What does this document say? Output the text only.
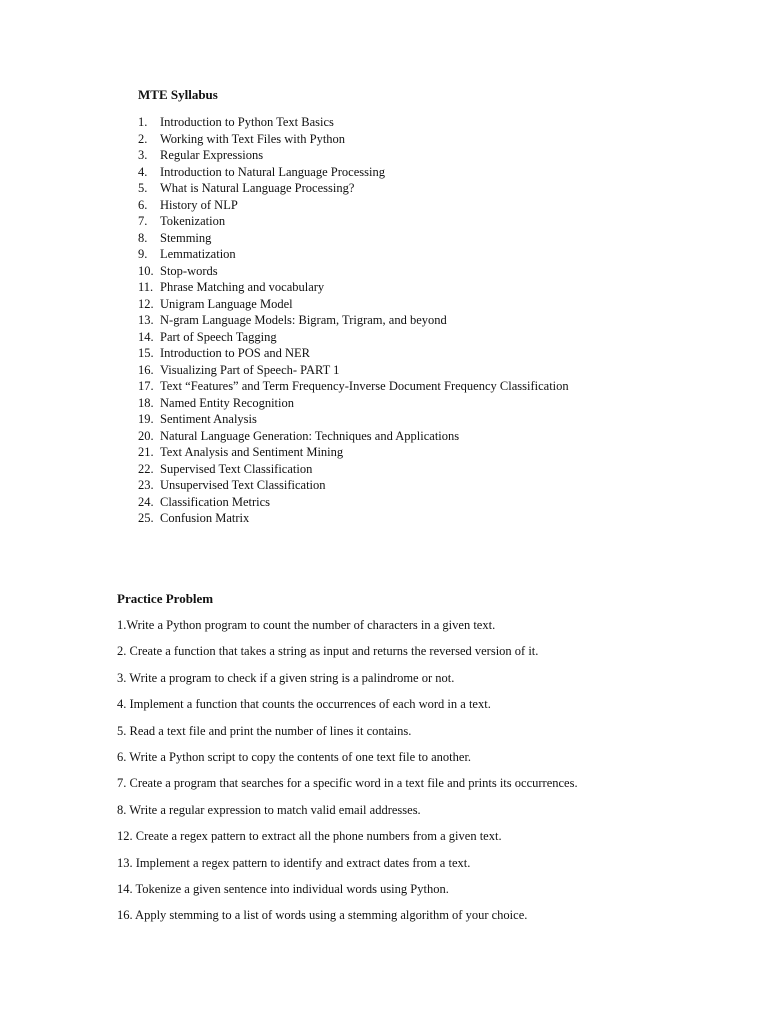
MTE Syllabus
1.	Introduction to Python Text Basics
2.	Working with Text Files with Python
3.	Regular Expressions
4.	Introduction to Natural Language Processing
5.	What is Natural Language Processing?
6.	History of NLP
7.	Tokenization
8.	Stemming
9.	Lemmatization
10. Stop-words
11. Phrase Matching and vocabulary
12. Unigram Language Model
13. N-gram Language Models: Bigram, Trigram, and beyond
14. Part of Speech Tagging
15. Introduction to POS and NER
16. Visualizing Part of Speech- PART 1
17. Text “Features” and Term Frequency-Inverse Document Frequency Classification
18. Named Entity Recognition
19. Sentiment Analysis
20. Natural Language Generation: Techniques and Applications
21. Text Analysis and Sentiment Mining
22. Supervised Text Classification
23. Unsupervised Text Classification
24. Classification Metrics
25. Confusion Matrix
Practice Problem
1.Write a Python program to count the number of characters in a given text.
2. Create a function that takes a string as input and returns the reversed version of it.
3. Write a program to check if a given string is a palindrome or not.
4. Implement a function that counts the occurrences of each word in a text.
5. Read a text file and print the number of lines it contains.
6. Write a Python script to copy the contents of one text file to another.
7. Create a program that searches for a specific word in a text file and prints its occurrences.
8. Write a regular expression to match valid email addresses.
12. Create a regex pattern to extract all the phone numbers from a given text.
13. Implement a regex pattern to identify and extract dates from a text.
14. Tokenize a given sentence into individual words using Python.
16. Apply stemming to a list of words using a stemming algorithm of your choice.
